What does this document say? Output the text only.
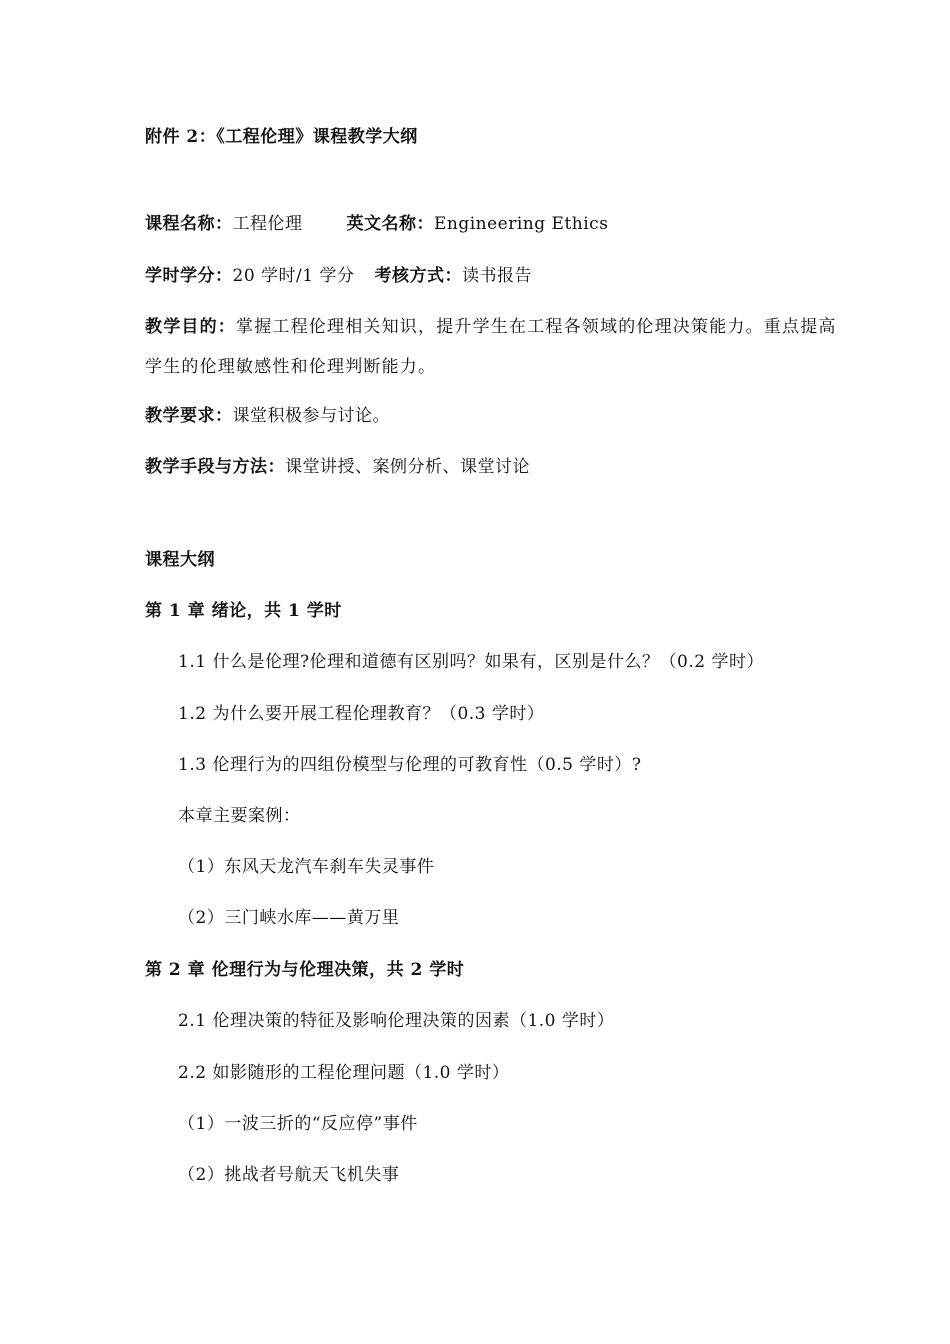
附件 2：《工程伦理》课程教学大纲
课程名称：工程伦理	英文名称：Engineering Ethics
学时学分：20 学时/1 学分 考核方式：读书报告
教学目的：掌握工程伦理相关知识，提升学生在工程各领域的伦理决策能力。重点提高学生的伦理敏感性和伦理判断能力。
教学要求：课堂积极参与讨论。
教学手段与方法：课堂讲授、案例分析、课堂讨论
课程大纲
第 1 章 绪论，共 1 学时
1.1 什么是伦理?伦理和道德有区别吗？如果有，区别是什么？（0.2 学时）
1.2 为什么要开展工程伦理教育？（0.3 学时）
1.3 伦理行为的四组份模型与伦理的可教育性（0.5 学时）?
本章主要案例：
（1）东风天龙汽车刹车失灵事件
（2）三门峡水库——黄万里
第 2 章 伦理行为与伦理决策，共 2 学时
2.1 伦理决策的特征及影响伦理决策的因素（1.0 学时）
2.2 如影随形的工程伦理问题（1.0 学时）
（1）一波三折的“反应停”事件
（2）挑战者号航天飞机失事
